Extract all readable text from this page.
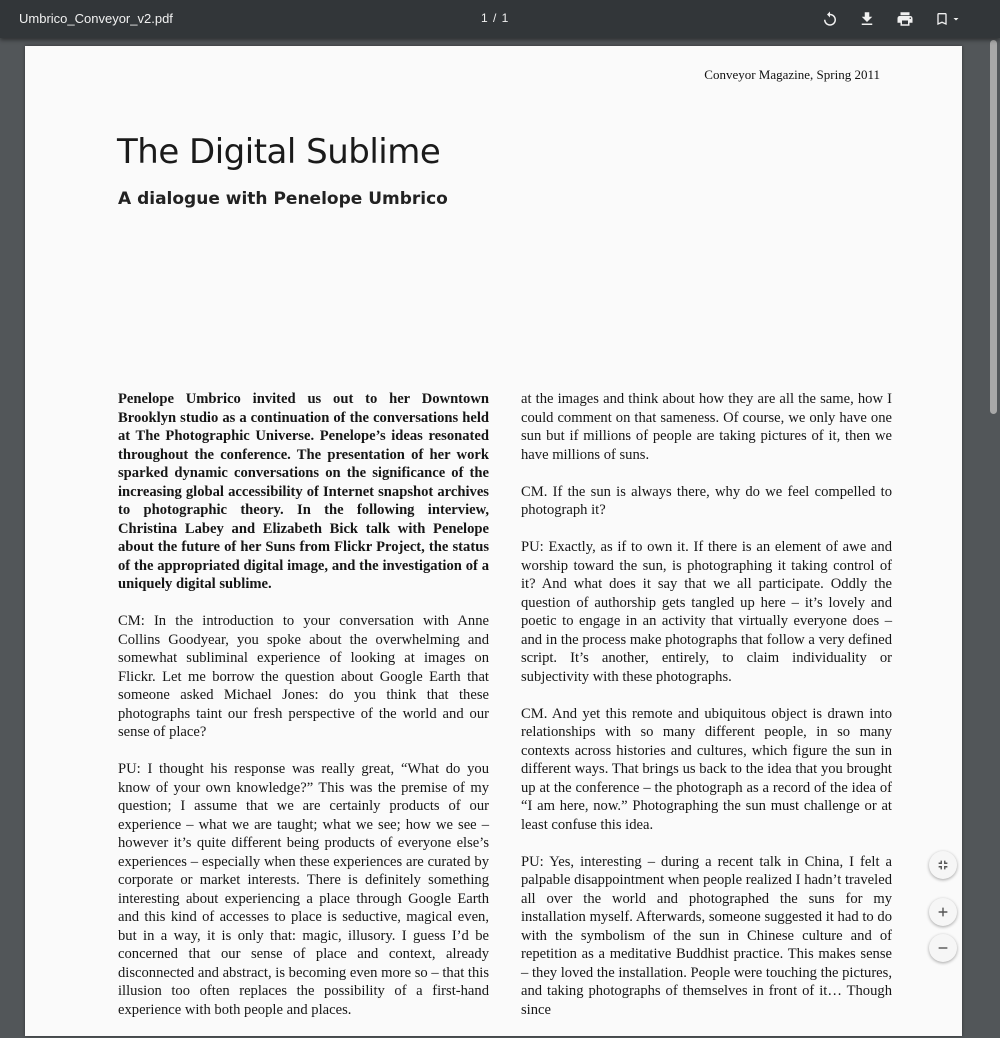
Umbrico_Conveyor_v2.pdf	1 / 1
Conveyor Magazine, Spring 2011
The Digital Sublime
A dialogue with Penelope Umbrico

Penelope Umbrico invited us out to her Downtown Brooklyn studio as a continuation of the conversations held at The Photographic Universe. Penelope’s ideas resonated throughout the conference. The presentation of her work sparked dynamic conversations on the significance of the increasing global accessibility of Internet snapshot archives to photographic theory. In the following interview, Christina Labey and Elizabeth Bick talk with Penelope about the future of her Suns from Flickr Project, the status of the appropriated digital image, and the investigation of a uniquely digital sublime.

CM: In the introduction to your conversation with Anne Collins Goodyear, you spoke about the overwhelming and somewhat subliminal experience of looking at images on Flickr. Let me borrow the question about Google Earth that someone asked Michael Jones: do you think that these photographs taint our fresh perspective of the world and our sense of place?

PU: I thought his response was really great, “What do you know of your own knowledge?” This was the premise of my question; I assume that we are certainly products of our experience – what we are taught; what we see; how we see – however it’s quite different being products of everyone else’s experiences – especially when these experiences are curated by corporate or market interests. There is definitely something interesting about experiencing a place through Google Earth and this kind of accesses to place is seductive, magical even, but in a way, it is only that: magic, illusory. I guess I’d be concerned that our sense of place and context, already disconnected and abstract, is becoming even more so – that this illusion too often replaces the possibility of a first-hand experience with both people and places.

at the images and think about how they are all the same, how I could comment on that sameness. Of course, we only have one sun but if millions of people are taking pictures of it, then we have millions of suns.

CM. If the sun is always there, why do we feel compelled to photograph it?

PU: Exactly, as if to own it. If there is an element of awe and worship toward the sun, is photographing it taking control of it? And what does it say that we all participate. Oddly the question of authorship gets tangled up here – it’s lovely and poetic to engage in an activity that virtually everyone does – and in the process make photographs that follow a very defined script. It’s another, entirely, to claim individuality or subjectivity with these photographs.

CM. And yet this remote and ubiquitous object is drawn into relationships with so many different people, in so many contexts across histories and cultures, which figure the sun in different ways. That brings us back to the idea that you brought up at the conference – the photograph as a record of the idea of “I am here, now.” Photographing the sun must challenge or at least confuse this idea.

PU: Yes, interesting – during a recent talk in China, I felt a palpable disappointment when people realized I hadn’t traveled all over the world and photographed the suns for my installation myself. Afterwards, someone suggested it had to do with the symbolism of the sun in Chinese culture and of repetition as a meditative Buddhist practice. This makes sense – they loved the installation. People were touching the pictures, and taking photographs of themselves in front of it… Though since
